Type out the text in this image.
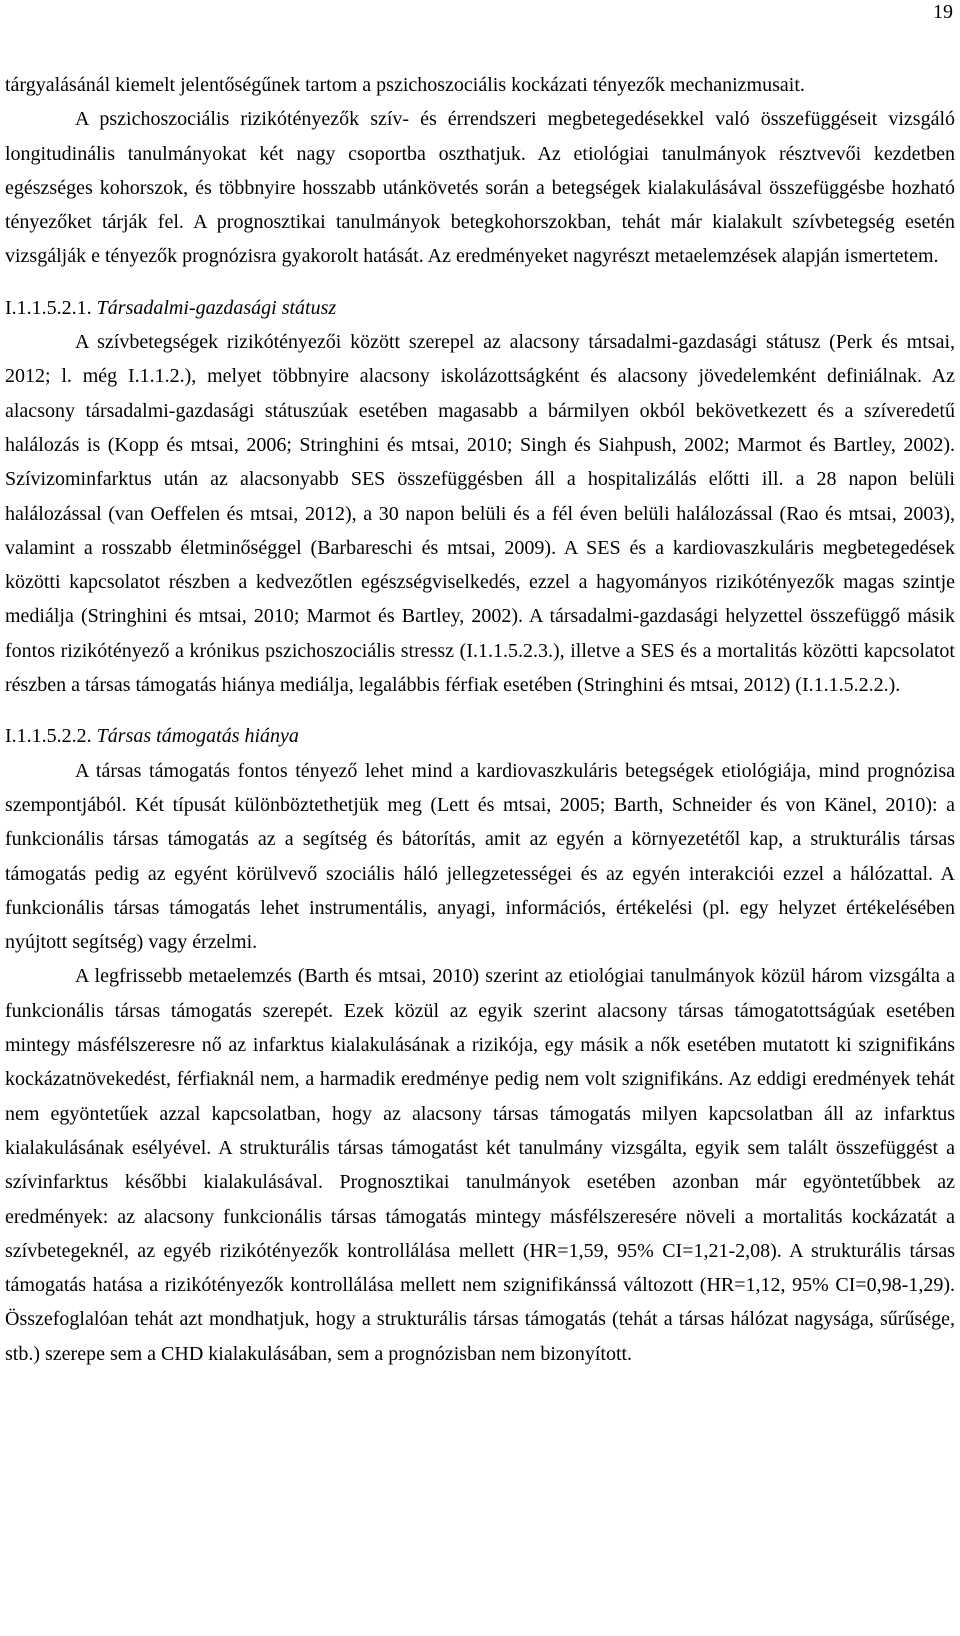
19

tárgyalásánál kiemelt jelentőségűnek tartom a pszichoszociális kockázati tényezők mechanizmusait.

A pszichoszociális rizikótényezők szív- és érrendszeri megbetegedésekkel való összefüggéseit vizsgáló longitudinális tanulmányokat két nagy csoportba oszthatjuk. Az etiológiai tanulmányok résztvevői kezdetben egészséges kohorszok, és többnyire hosszabb utánkövetés során a betegségek kialakulásával összefüggésbe hozható tényezőket tárják fel. A prognosztikai tanulmányok betegkohorszokban, tehát már kialakult szívbetegség esetén vizsgálják e tényezők prognózisra gyakorolt hatását. Az eredményeket nagyrészt metaelemzések alapján ismertetem.

I.1.1.5.2.1. Társadalmi-gazdasági státusz

A szívbetegségek rizikótényezői között szerepel az alacsony társadalmi-gazdasági státusz (Perk és mtsai, 2012; l. még I.1.1.2.), melyet többnyire alacsony iskolázottságként és alacsony jövedelemként definiálnak. Az alacsony társadalmi-gazdasági státuszúak esetében magasabb a bármilyen okból bekövetkezett és a szíveredetű halálozás is (Kopp és mtsai, 2006; Stringhini és mtsai, 2010; Singh és Siahpush, 2002; Marmot és Bartley, 2002). Szívizominfarktus után az alacsonyabb SES összefüggésben áll a hospitalizálás előtti ill. a 28 napon belüli halálozással (van Oeffelen és mtsai, 2012), a 30 napon belüli és a fél éven belüli halálozással (Rao és mtsai, 2003), valamint a rosszabb életminőséggel (Barbareschi és mtsai, 2009). A SES és a kardiovaszkuláris megbetegedések közötti kapcsolatot részben a kedvezőtlen egészségviselkedés, ezzel a hagyományos rizikótényezők magas szintje mediálja (Stringhini és mtsai, 2010; Marmot és Bartley, 2002). A társadalmi-gazdasági helyzettel összefüggő másik fontos rizikótényező a krónikus pszichoszociális stressz (I.1.1.5.2.3.), illetve a SES és a mortalitás közötti kapcsolatot részben a társas támogatás hiánya mediálja, legalábbis férfiak esetében (Stringhini és mtsai, 2012) (I.1.1.5.2.2.).

I.1.1.5.2.2. Társas támogatás hiánya

A társas támogatás fontos tényező lehet mind a kardiovaszkuláris betegségek etiológiája, mind prognózisa szempontjából. Két típusát különböztethetjük meg (Lett és mtsai, 2005; Barth, Schneider és von Känel, 2010): a funkcionális társas támogatás az a segítség és bátorítás, amit az egyén a környezetétől kap, a strukturális társas támogatás pedig az egyént körülvevő szociális háló jellegzetességei és az egyén interakciói ezzel a hálózattal. A funkcionális társas támogatás lehet instrumentális, anyagi, információs, értékelési (pl. egy helyzet értékelésében nyújtott segítség) vagy érzelmi.

A legfrissebb metaelemzés (Barth és mtsai, 2010) szerint az etiológiai tanulmányok közül három vizsgálta a funkcionális társas támogatás szerepét. Ezek közül az egyik szerint alacsony társas támogatottságúak esetében mintegy másfélszeresre nő az infarktus kialakulásának a rizikója, egy másik a nők esetében mutatott ki szignifikáns kockázatnövekedést, férfiaknál nem, a harmadik eredménye pedig nem volt szignifikáns. Az eddigi eredmények tehát nem egyöntetűek azzal kapcsolatban, hogy az alacsony társas támogatás milyen kapcsolatban áll az infarktus kialakulásának esélyével. A strukturális társas támogatást két tanulmány vizsgálta, egyik sem talált összefüggést a szívinfarktus későbbi kialakulásával. Prognosztikai tanulmányok esetében azonban már egyöntetűbbek az eredmények: az alacsony funkcionális társas támogatás mintegy másfélszeresére növeli a mortalitás kockázatát a szívbetegeknél, az egyéb rizikótényezők kontrollálása mellett (HR=1,59, 95% CI=1,21-2,08). A strukturális társas támogatás hatása a rizikótényezők kontrollálása mellett nem szignifikánssá változott (HR=1,12, 95% CI=0,98-1,29). Összefoglalóan tehát azt mondhatjuk, hogy a strukturális társas támogatás (tehát a társas hálózat nagysága, sűrűsége, stb.) szerepe sem a CHD kialakulásában, sem a prognózisban nem bizonyított.
